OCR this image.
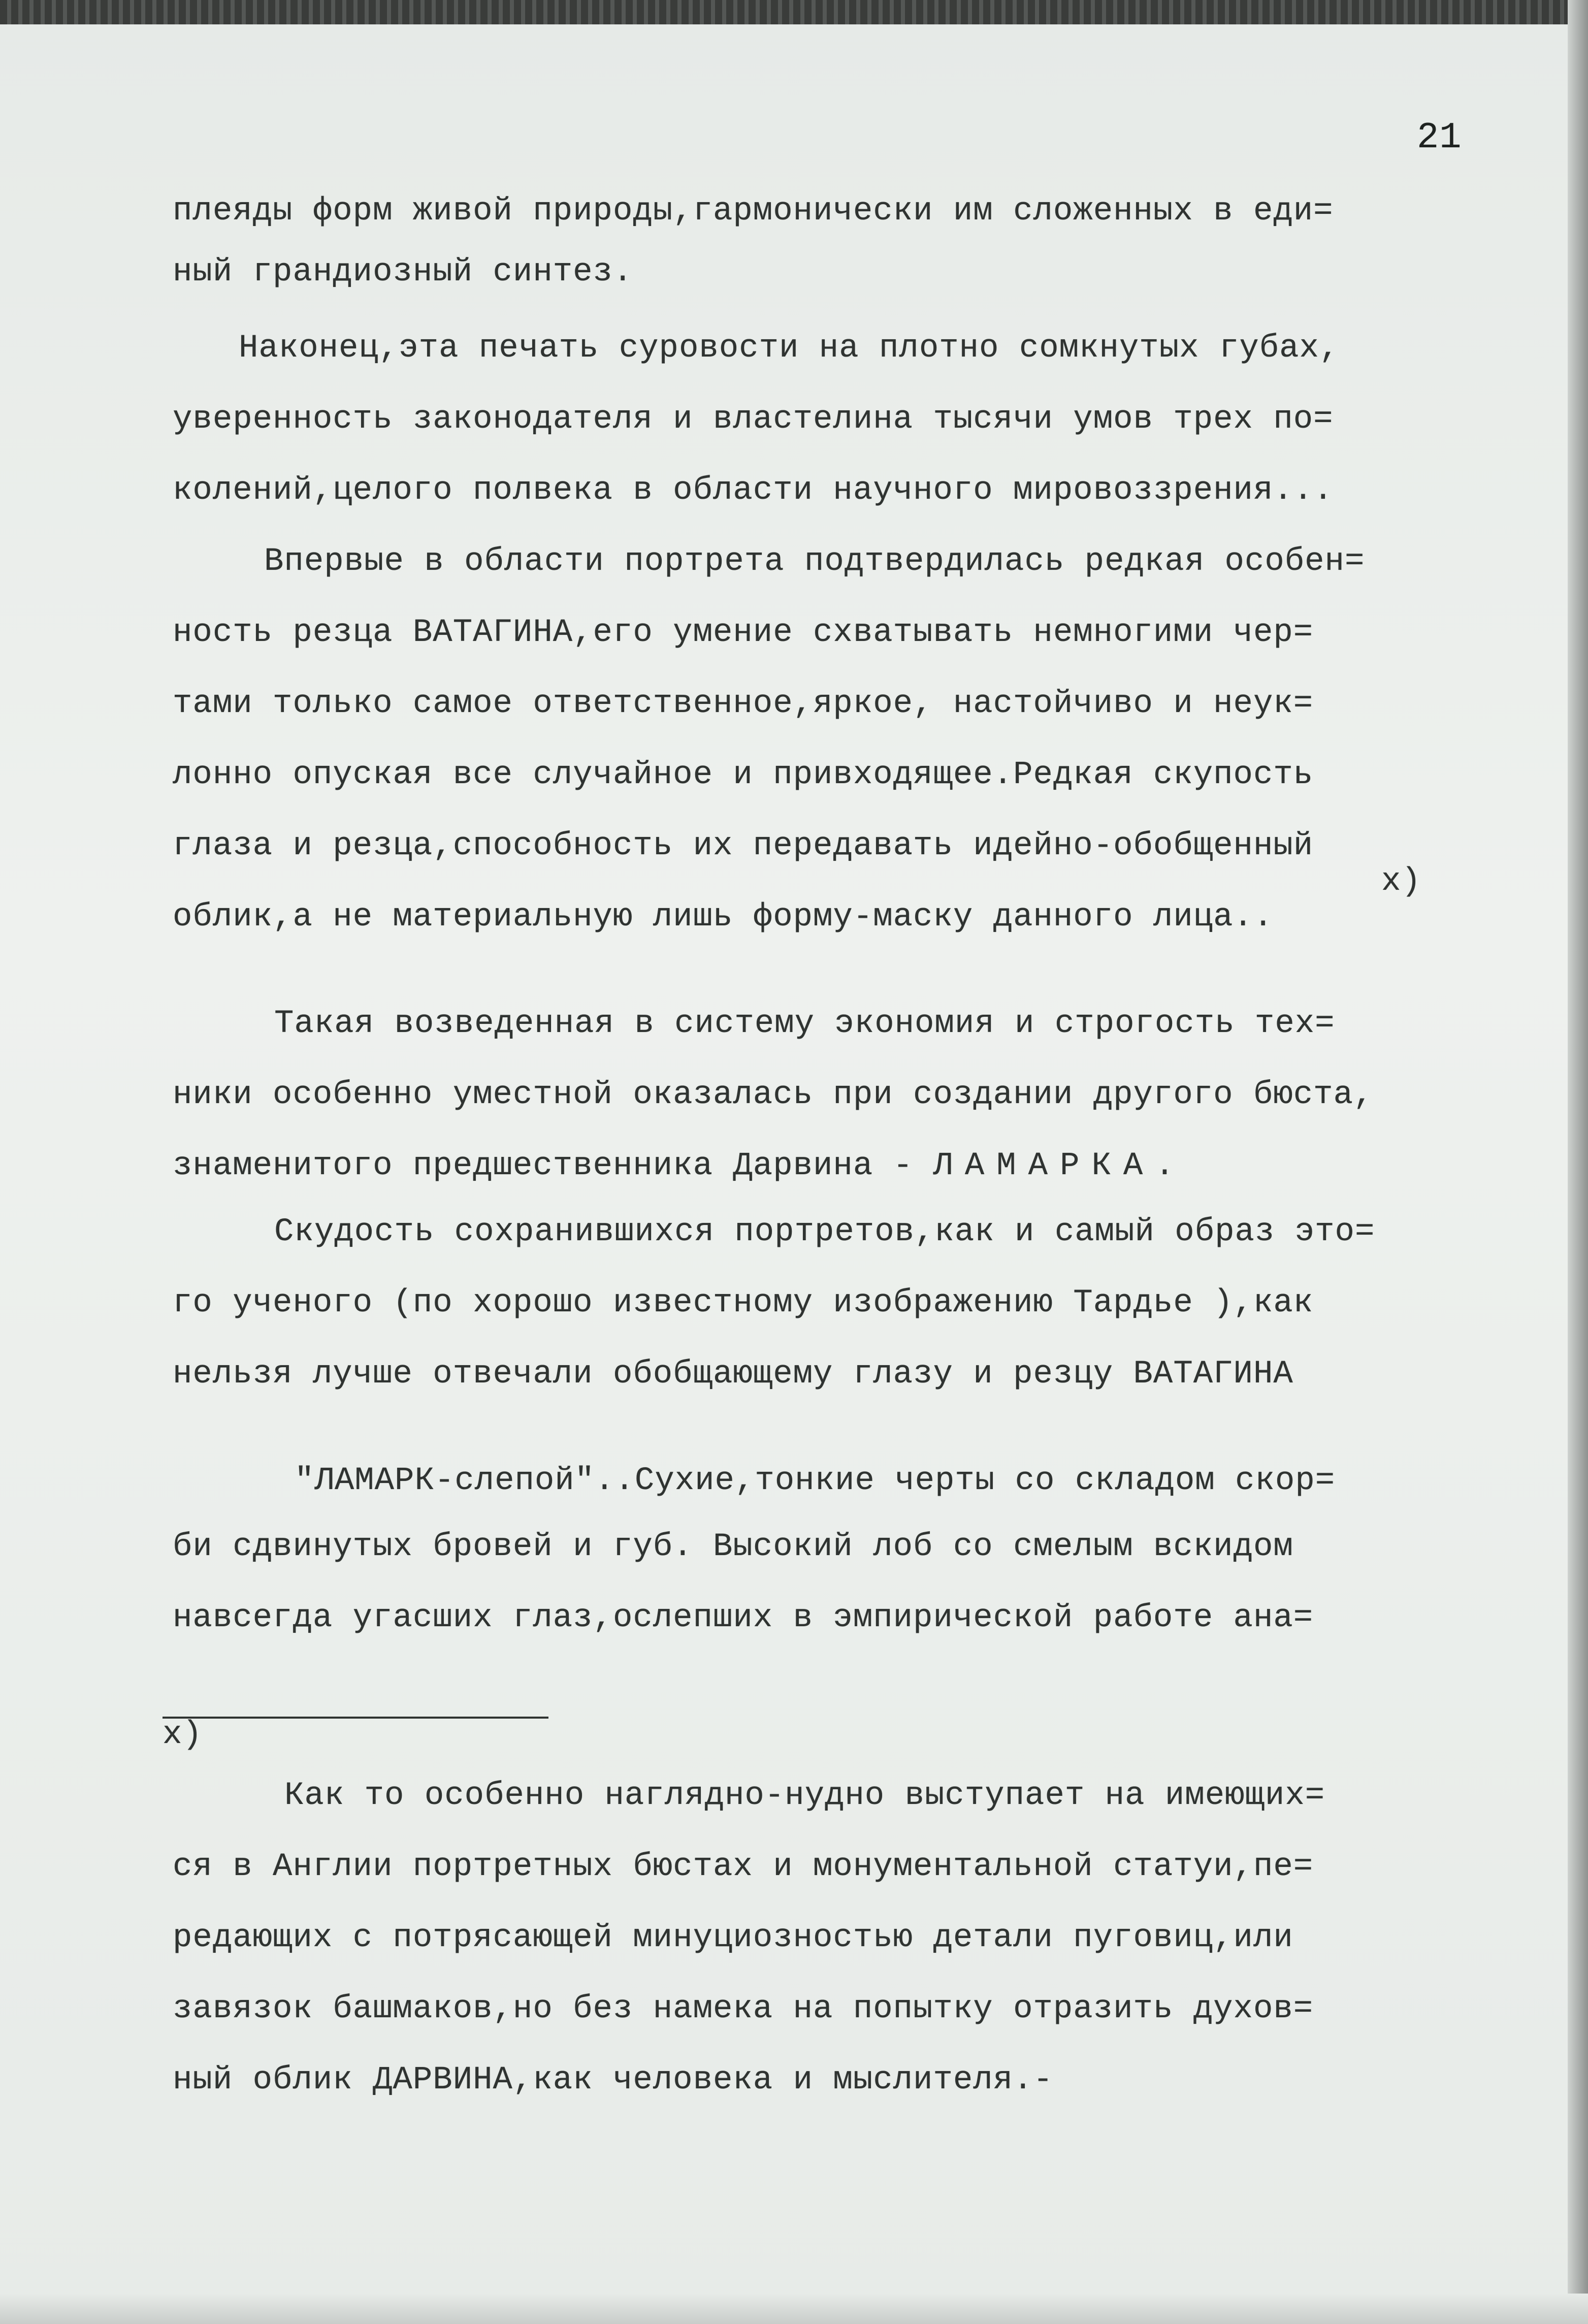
21

плеяды форм живой природы,гармонически им сложенных в еди=

ный грандиозный синтез.

Наконец,эта печать суровости на плотно сомкнутых губах,

уверенность законодателя и властелина тысячи умов трех по=

колений,целого полвека в области научного мировоззрения...

Впервые в области портрета подтвердилась редкая особен=

ность резца ВАТАГИНА,его умение схватывать немногими чер=

тами только самое ответственное,яркое, настойчиво и неук=

лонно опуская все случайное и привходящее.Редкая скупость

глаза и резца,способность их передавать идейно-обобщенный

x)

облик,а не материальную лишь форму-маску данного лица..

Такая возведенная в систему экономия и строгость тех=

ники особенно уместной оказалась при создании другого бюста,

знаменитого предшественника Дарвина - ЛАМАРКА.

Скудость сохранившихся портретов,как и самый образ это=

го ученого (по хорошо известному изображению Тардье ),как

нельзя лучше отвечали обобщающему глазу и резцу ВАТАГИНА

"ЛАМАРК-слепой"..Сухие,тонкие черты со складом скор=

би сдвинутых бровей и губ. Высокий лоб со смелым вскидом

навсегда угасших глаз,ослепших в эмпирической работе ана=

x)

Как то особенно наглядно-нудно выступает на имеющих=

ся в Англии портретных бюстах и монументальной статуи,пе=

редающих с потрясающей минуциозностью детали пуговиц,или

завязок башмаков,но без намека на попытку отразить духов=

ный облик ДАРВИНА,как человека и мыслителя.-
